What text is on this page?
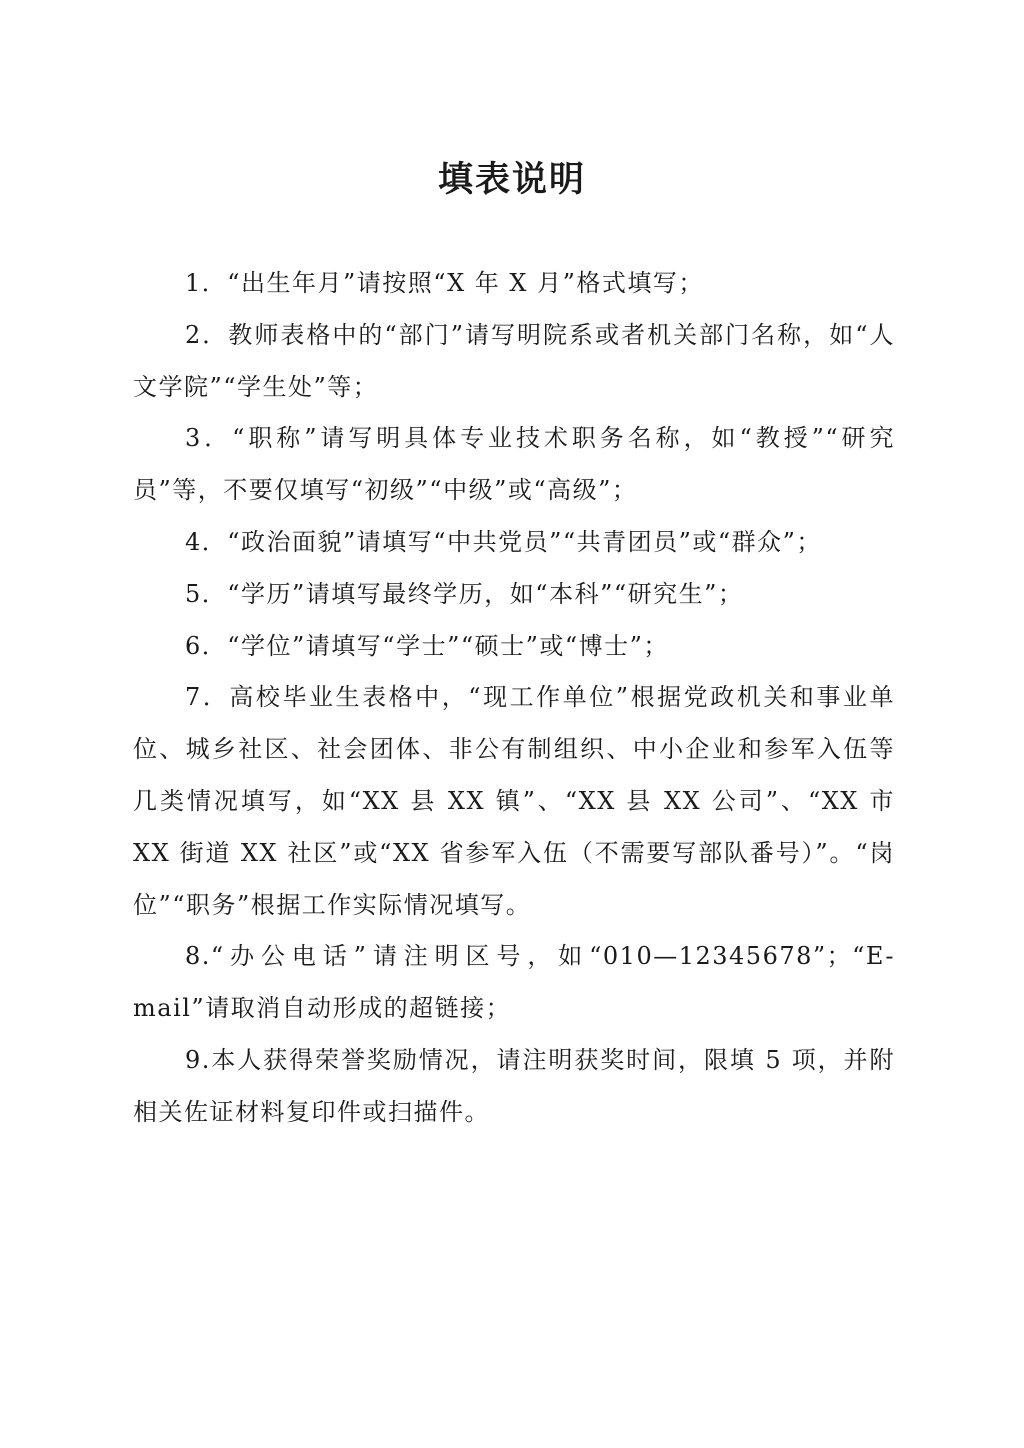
填表说明
1．“出生年月”请按照“X 年 X 月”格式填写；
2．教师表格中的“部门”请写明院系或者机关部门名称，如“人文学院”“学生处”等；
3．“职称”请写明具体专业技术职务名称，如“教授”“研究员”等，不要仅填写“初级”“中级”或“高级”；
4．“政治面貌”请填写“中共党员”“共青团员”或“群众”；
5．“学历”请填写最终学历，如“本科”“研究生”；
6．“学位”请填写“学士”“硕士”或“博士”；
7．高校毕业生表格中，“现工作单位”根据党政机关和事业单位、城乡社区、社会团体、非公有制组织、中小企业和参军入伍等几类情况填写，如“XX 县 XX 镇”、“XX 县 XX 公司”、“XX 市 XX 街道 XX 社区”或“XX 省参军入伍（不需要写部队番号）”。“岗位”“职务”根据工作实际情况填写。
8.“办公电话”请注明区号，如“010—12345678”；“E-mail”请取消自动形成的超链接；
9.本人获得荣誉奖励情况，请注明获奖时间，限填 5 项，并附相关佐证材料复印件或扫描件。
